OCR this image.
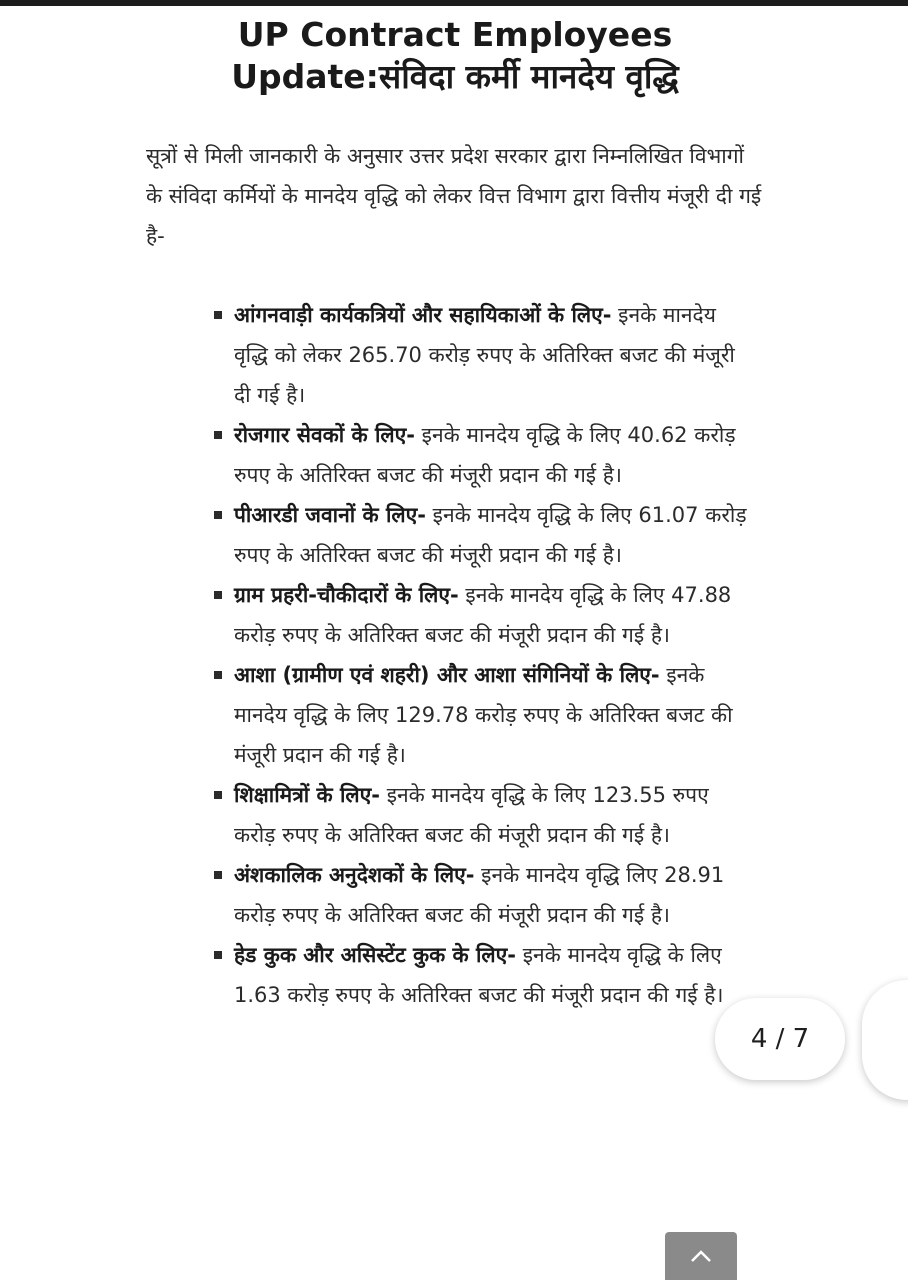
UP Contract Employees
Update:संविदा कर्मी मानदेय वृद्धि

सूत्रों से मिली जानकारी के अनुसार उत्तर प्रदेश सरकार द्वारा निम्नलिखित विभागों के संविदा कर्मियों के मानदेय वृद्धि को लेकर वित्त विभाग द्वारा वित्तीय मंजूरी दी गई है-

आंगनवाड़ी कार्यकत्रियों और सहायिकाओं के लिए- इनके मानदेय वृद्धि को लेकर 265.70 करोड़ रुपए के अतिरिक्त बजट की मंजूरी दी गई है।
रोजगार सेवकों के लिए- इनके मानदेय वृद्धि के लिए 40.62 करोड़ रुपए के अतिरिक्त बजट की मंजूरी प्रदान की गई है।
पीआरडी जवानों के लिए- इनके मानदेय वृद्धि के लिए 61.07 करोड़ रुपए के अतिरिक्त बजट की मंजूरी प्रदान की गई है।
ग्राम प्रहरी-चौकीदारों के लिए- इनके मानदेय वृद्धि के लिए 47.88 करोड़ रुपए के अतिरिक्त बजट की मंजूरी प्रदान की गई है।
आशा (ग्रामीण एवं शहरी) और आशा संगिनियों के लिए- इनके मानदेय वृद्धि के लिए 129.78 करोड़ रुपए के अतिरिक्त बजट की मंजूरी प्रदान की गई है।
शिक्षामित्रों के लिए- इनके मानदेय वृद्धि के लिए 123.55 रुपए करोड़ रुपए के अतिरिक्त बजट की मंजूरी प्रदान की गई है।
अंशकालिक अनुदेशकों के लिए- इनके मानदेय वृद्धि लिए 28.91 करोड़ रुपए के अतिरिक्त बजट की मंजूरी प्रदान की गई है।
हेड कुक और असिस्टेंट कुक के लिए- इनके मानदेय वृद्धि के लिए 1.63 करोड़ रुपए के अतिरिक्त बजट की मंजूरी प्रदान की गई है।
4 / 7
